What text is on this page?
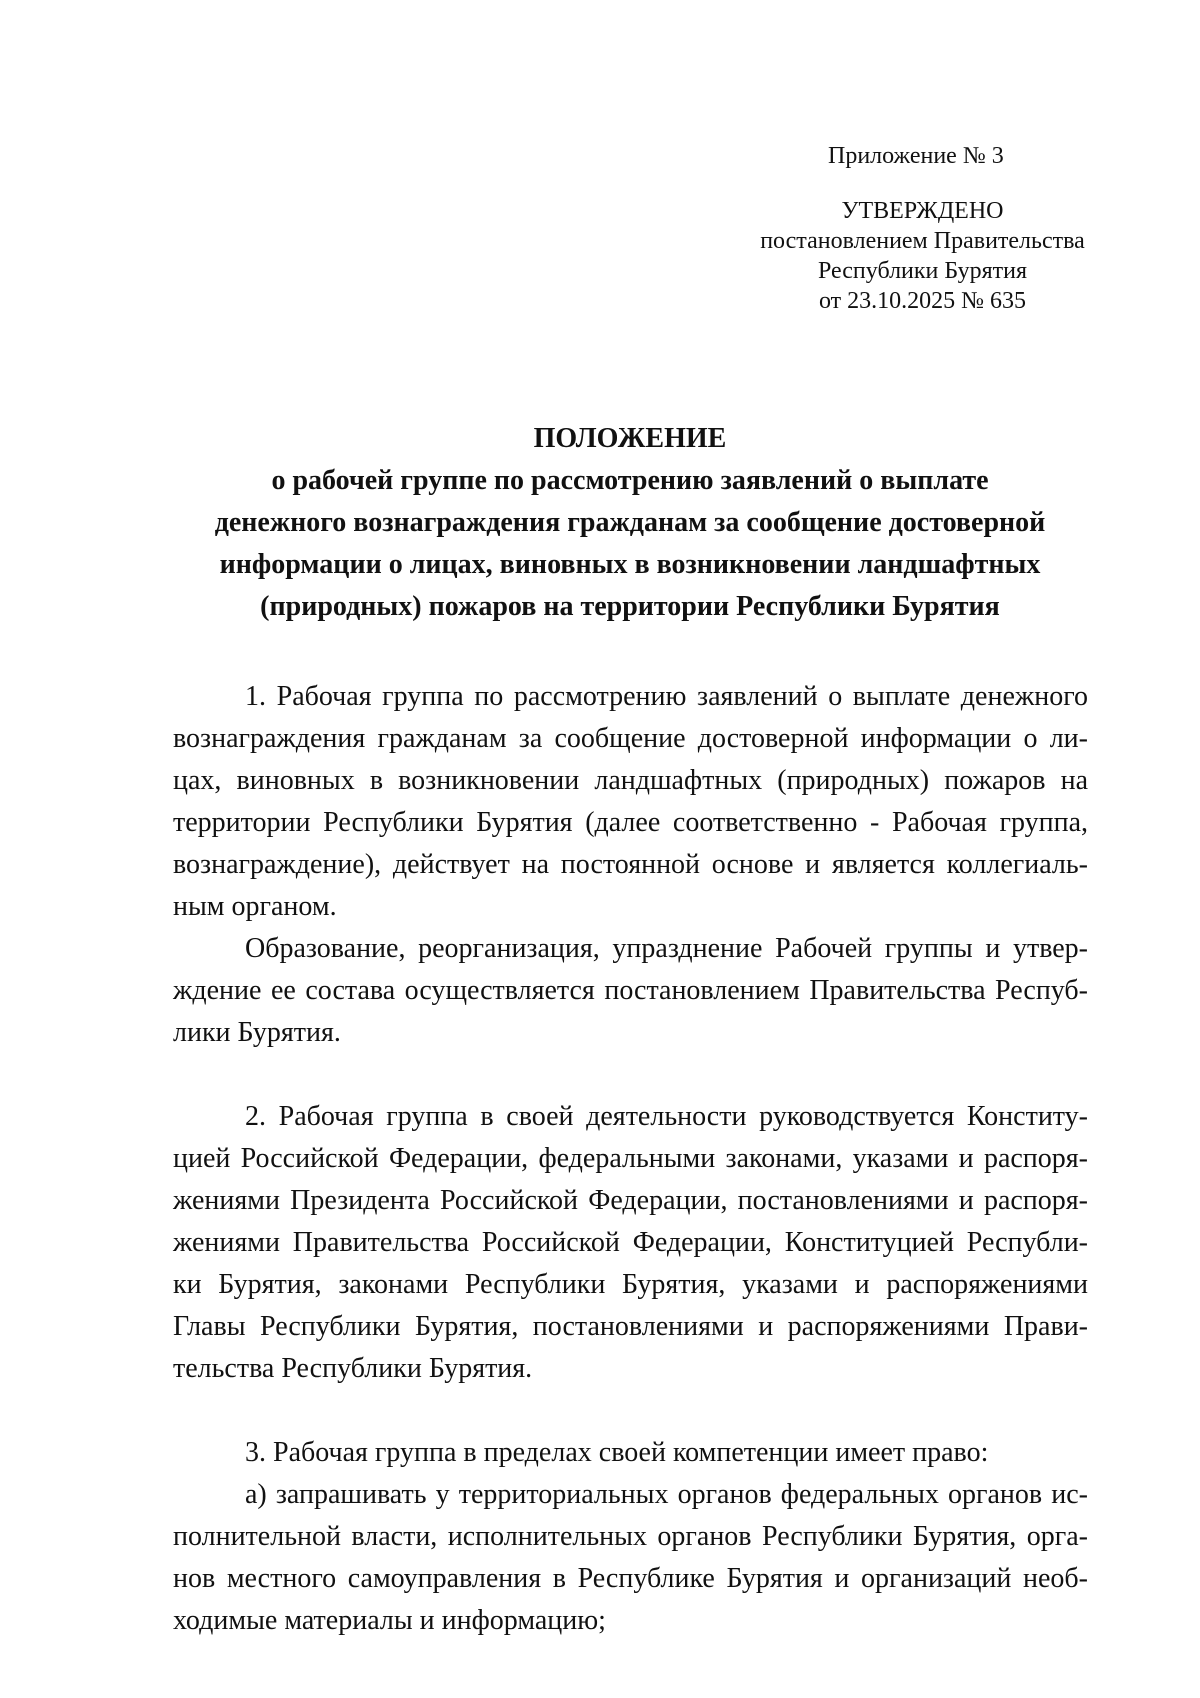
Приложение № 3
УТВЕРЖДЕНО
постановлением Правительства
Республики Бурятия
от 23.10.2025 № 635
ПОЛОЖЕНИЕ
о рабочей группе по рассмотрению заявлений о выплате
денежного вознаграждения гражданам за сообщение достоверной
информации о лицах, виновных в возникновении ландшафтных
(природных) пожаров на территории Республики Бурятия
1. Рабочая группа по рассмотрению заявлений о выплате денежного
вознаграждения гражданам за сообщение достоверной информации о ли-
цах, виновных в возникновении ландшафтных (природных) пожаров на
территории Республики Бурятия (далее соответственно - Рабочая группа,
вознаграждение), действует на постоянной основе и является коллегиаль-
ным органом.
Образование, реорганизация, упразднение Рабочей группы и утвер-
ждение ее состава осуществляется постановлением Правительства Респуб-
лики Бурятия.
2. Рабочая группа в своей деятельности руководствуется Конститу-
цией Российской Федерации, федеральными законами, указами и распоря-
жениями Президента Российской Федерации, постановлениями и распоря-
жениями Правительства Российской Федерации, Конституцией Республи-
ки Бурятия, законами Республики Бурятия, указами и распоряжениями
Главы Республики Бурятия, постановлениями и распоряжениями Прави-
тельства Республики Бурятия.
3. Рабочая группа в пределах своей компетенции имеет право:
а) запрашивать у территориальных органов федеральных органов ис-
полнительной власти, исполнительных органов Республики Бурятия, орга-
нов местного самоуправления в Республике Бурятия и организаций необ-
ходимые материалы и информацию;
